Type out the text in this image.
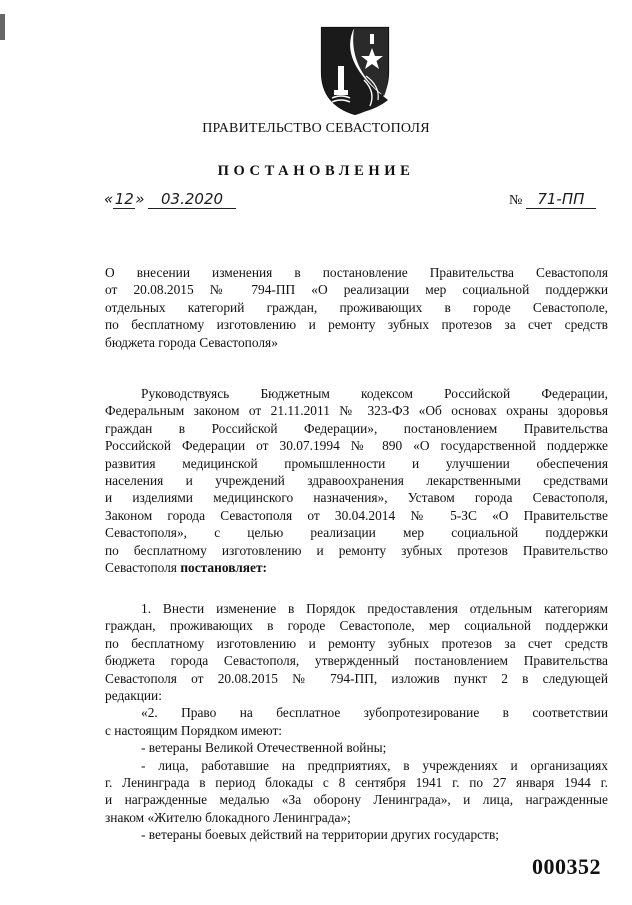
ПРАВИТЕЛЬСТВО СЕВАСТОПОЛЯ
ПОСТАНОВЛЕНИЕ
«12» 03.2020	№ 71-ПП
О внесении изменения в постановление Правительства Севастополя
от 20.08.2015 № 794-ПП «О реализации мер социальной поддержки
отдельных категорий граждан, проживающих в городе Севастополе,
по бесплатному изготовлению и ремонту зубных протезов за счет средств
бюджета города Севастополя»
Руководствуясь Бюджетным кодексом Российской Федерации,
Федеральным законом от 21.11.2011 № 323-ФЗ «Об основах охраны здоровья
граждан в Российской Федерации», постановлением Правительства
Российской Федерации от 30.07.1994 № 890 «О государственной поддержке
развития медицинской промышленности и улучшении обеспечения
населения и учреждений здравоохранения лекарственными средствами
и изделиями медицинского назначения», Уставом города Севастополя,
Законом города Севастополя от 30.04.2014 № 5-ЗС «О Правительстве
Севастополя», с целью реализации мер социальной поддержки
по бесплатному изготовлению и ремонту зубных протезов Правительство
Севастополя постановляет:
1. Внести изменение в Порядок предоставления отдельным категориям
граждан, проживающих в городе Севастополе, мер социальной поддержки
по бесплатному изготовлению и ремонту зубных протезов за счет средств
бюджета города Севастополя, утвержденный постановлением Правительства
Севастополя от 20.08.2015 № 794-ПП, изложив пункт 2 в следующей
редакции:
«2. Право на бесплатное зубопротезирование в соответствии
с настоящим Порядком имеют:
- ветераны Великой Отечественной войны;
- лица, работавшие на предприятиях, в учреждениях и организациях
г. Ленинграда в период блокады с 8 сентября 1941 г. по 27 января 1944 г.
и награжденные медалью «За оборону Ленинграда», и лица, награжденные
знаком «Жителю блокадного Ленинграда»;
- ветераны боевых действий на территории других государств;
000352
